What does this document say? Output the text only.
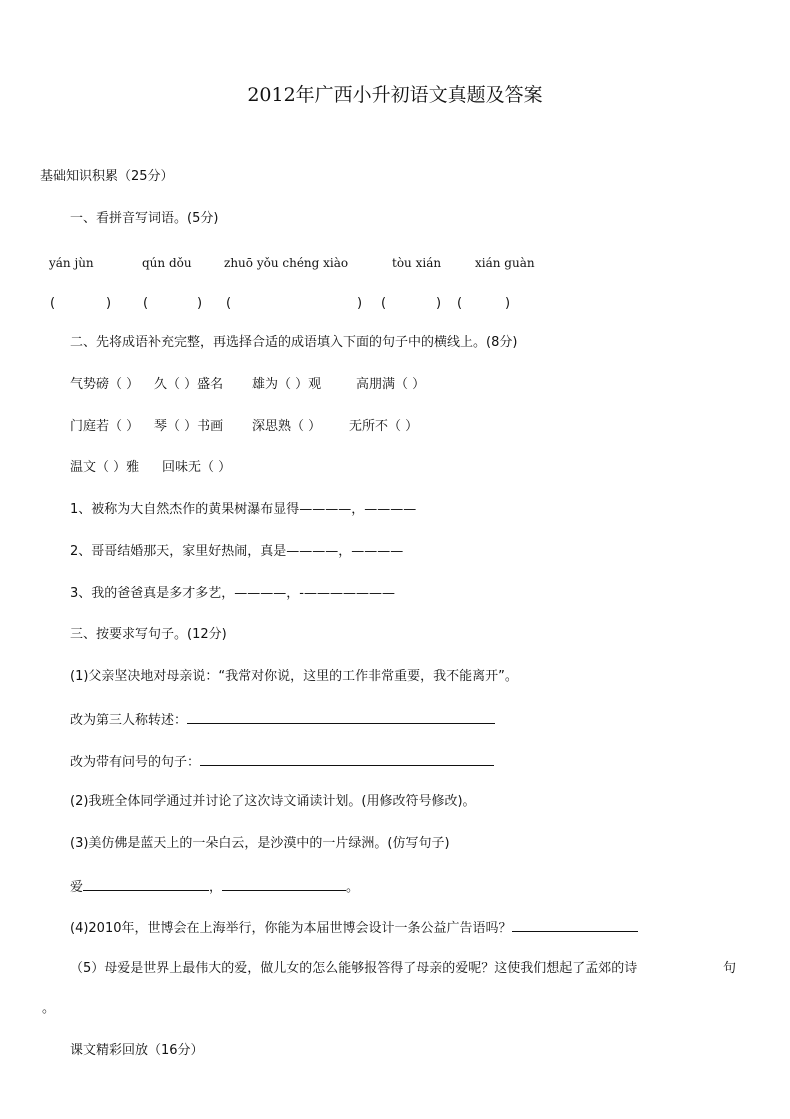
2012年广西小升初语文真题及答案
基础知识积累（25分）
一、看拼音写词语。(5分)
yán jùn	qún dǒu	zhuō yǒu chéng xiào	tòu xián	xián guàn
(	) (	) (	) (	) (	)
二、先将成语补充完整，再选择合适的成语填入下面的句子中的横线上。(8分)
气势磅（ ） 久（ ）盛名 雄为（ ）观	高朋满（ ）
门庭若（ ） 琴（ ）书画 深思熟（ ） 无所不（ ）
温文（ ）雅 回味无（ ）
1、被称为大自然杰作的黄果树瀑布显得————，————
2、哥哥结婚那天，家里好热闹，真是————，————
3、我的爸爸真是多才多艺，————，-———————
三、按要求写句子。(12分)
(1)父亲坚决地对母亲说：“我常对你说，这里的工作非常重要，我不能离开”。
改为第三人称转述：
改为带有问号的句子：
(2)我班全体同学通过并讨论了这次诗文诵读计划。(用修改符号修改)。
(3)美仿佛是蓝天上的一朵白云，是沙漠中的一片绿洲。(仿写句子)
爱	，	。
(4)2010年，世博会在上海举行，你能为本届世博会设计一条公益广告语吗？
（5）母爱是世界上最伟大的爱，做儿女的怎么能够报答得了母亲的爱呢？这使我们想起了孟郊的诗	句
。
课文精彩回放（16分）
